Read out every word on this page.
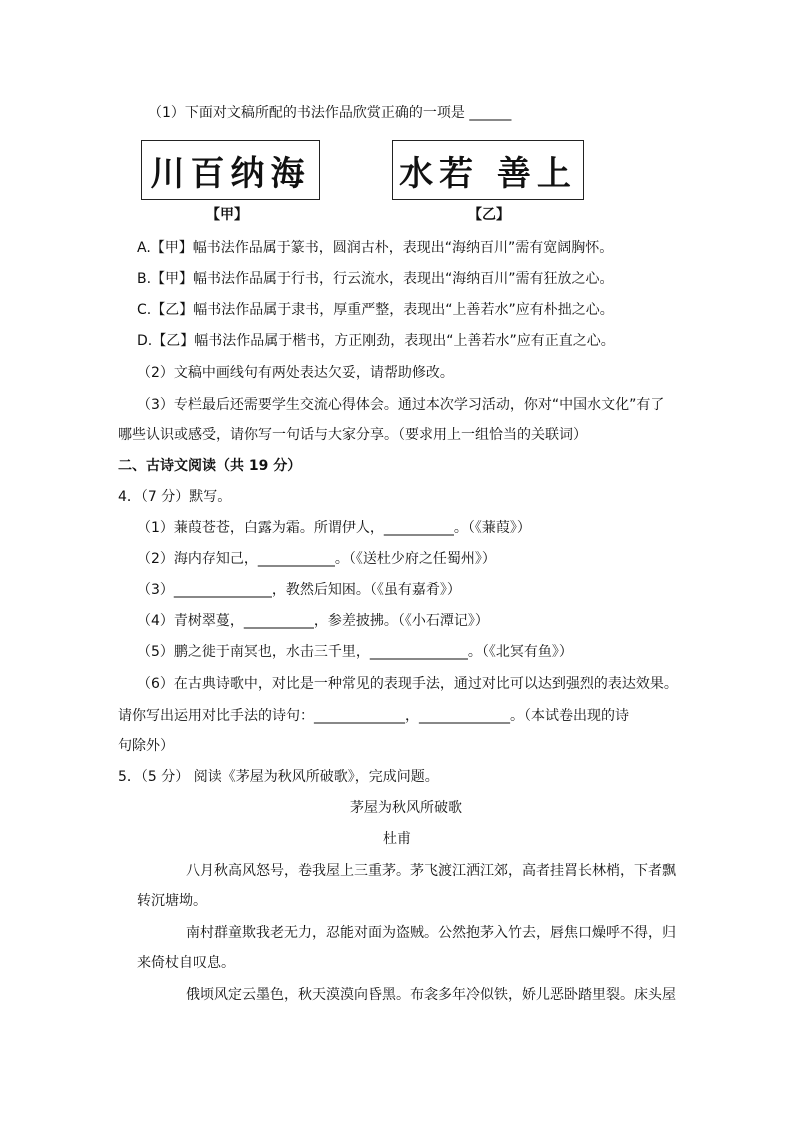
（1）下面对文稿所配的书法作品欣赏正确的一项是 ______
川百纳海	水若 善上
【甲】	【乙】
A.【甲】幅书法作品属于篆书，圆润古朴，表现出“海纳百川”需有宽阔胸怀。
B.【甲】幅书法作品属于行书，行云流水，表现出“海纳百川”需有狂放之心。
C.【乙】幅书法作品属于隶书，厚重严整，表现出“上善若水”应有朴拙之心。
D.【乙】幅书法作品属于楷书，方正刚劲，表现出“上善若水”应有正直之心。
（2）文稿中画线句有两处表达欠妥，请帮助修改。
（3）专栏最后还需要学生交流心得体会。通过本次学习活动，你对“中国水文化”有了
哪些认识或感受，请你写一句话与大家分享。（要求用上一组恰当的关联词）
二、古诗文阅读（共 19 分）
4．（7 分）默写。
（1）蒹葭苍苍，白露为霜。所谓伊人，__________。（《蒹葭》）
（2）海内存知己，___________。（《送杜少府之任蜀州》）
（3）______________，教然后知困。（《虽有嘉肴》）
（4）青树翠蔓，__________，参差披拂。（《小石潭记》）
（5）鹏之徙于南冥也，水击三千里，______________。（《北冥有鱼》）
（6）在古典诗歌中，对比是一种常见的表现手法，通过对比可以达到强烈的表达效果。
请你写出运用对比手法的诗句：_____________，_____________。（本试卷出现的诗
句除外）
5．（5 分） 阅读《茅屋为秋风所破歌》，完成问题。
茅屋为秋风所破歌
杜甫
八月秋高风怒号，卷我屋上三重茅。茅飞渡江洒江郊，高者挂罥长林梢，下者飘
转沉塘坳。
南村群童欺我老无力，忍能对面为盗贼。公然抱茅入竹去，唇焦口燥呼不得，归
来倚杖自叹息。
俄顷风定云墨色，秋天漠漠向昏黑。布衾多年冷似铁，娇儿恶卧踏里裂。床头屋
